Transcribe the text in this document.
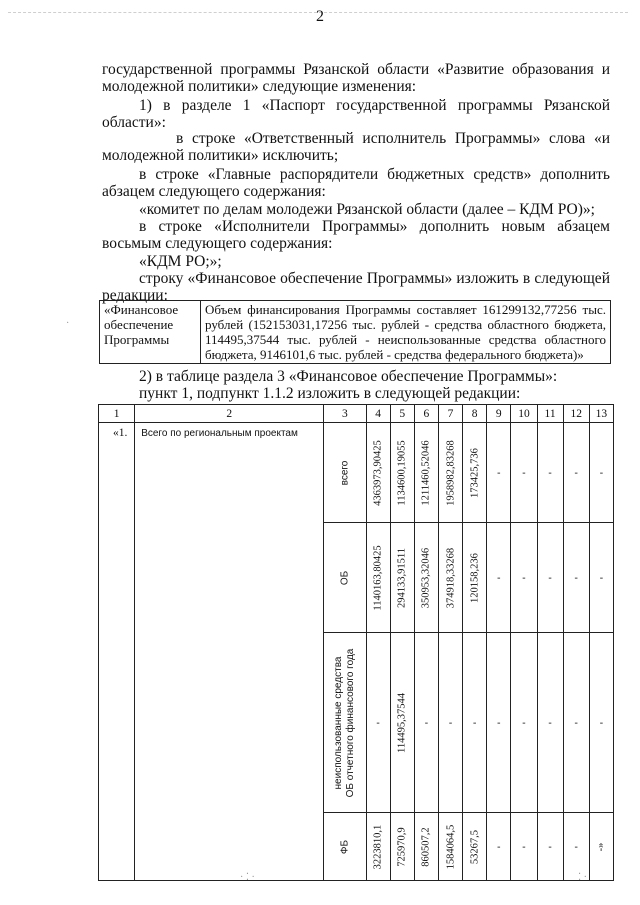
2
государственной программы Рязанской области «Развитие образования и
молодежной политики» следующие изменения:
1) в разделе 1 «Паспорт государственной программы Рязанской
области»:
в строке «Ответственный исполнитель Программы» слова «и
молодежной политики» исключить;
в строке «Главные распорядители бюджетных средств» дополнить
абзацем следующего содержания:
«комитет по делам молодежи Рязанской области (далее – КДМ РО)»;
в строке «Исполнители Программы» дополнить новым абзацем
восьмым следующего содержания:
«КДМ РО;»;
строку «Финансовое обеспечение Программы» изложить в следующей
редакции:
«Финансовое обеспечение Программы	Объем финансирования Программы составляет 161299132,77256 тыс. рублей (152153031,17256 тыс. рублей - средства областного бюджета, 114495,37544 тыс. рублей - неиспользованные средства областного бюджета, 9146101,6 тыс. рублей - средства федерального бюджета)»
2) в таблице раздела 3 «Финансовое обеспечение Программы»:
пункт 1, подпункт 1.1.2 изложить в следующей редакции:
1	2	3	4	5	6	7	8	9	10	11	12	13
«1.	Всего по региональным проектам	всего	4363973,90425	1134600,19055	1211460,52046	1958982,83268	173425,736	-	-	-	-	-

		ОБ	1140163,80425	294133,91511	350953,32046	374918,33268	120158,236	-	-	-	-	-

		неиспользованные средства ОБ отчетного финансового года	-	114495,37544	-	-	-	-	-	-	-	-

		ФБ	3223810,1	725970,9	860507,2	1584064,5	53267,5	-	-	-	-	-»
·
· ⁚ ·	⁚ ·
